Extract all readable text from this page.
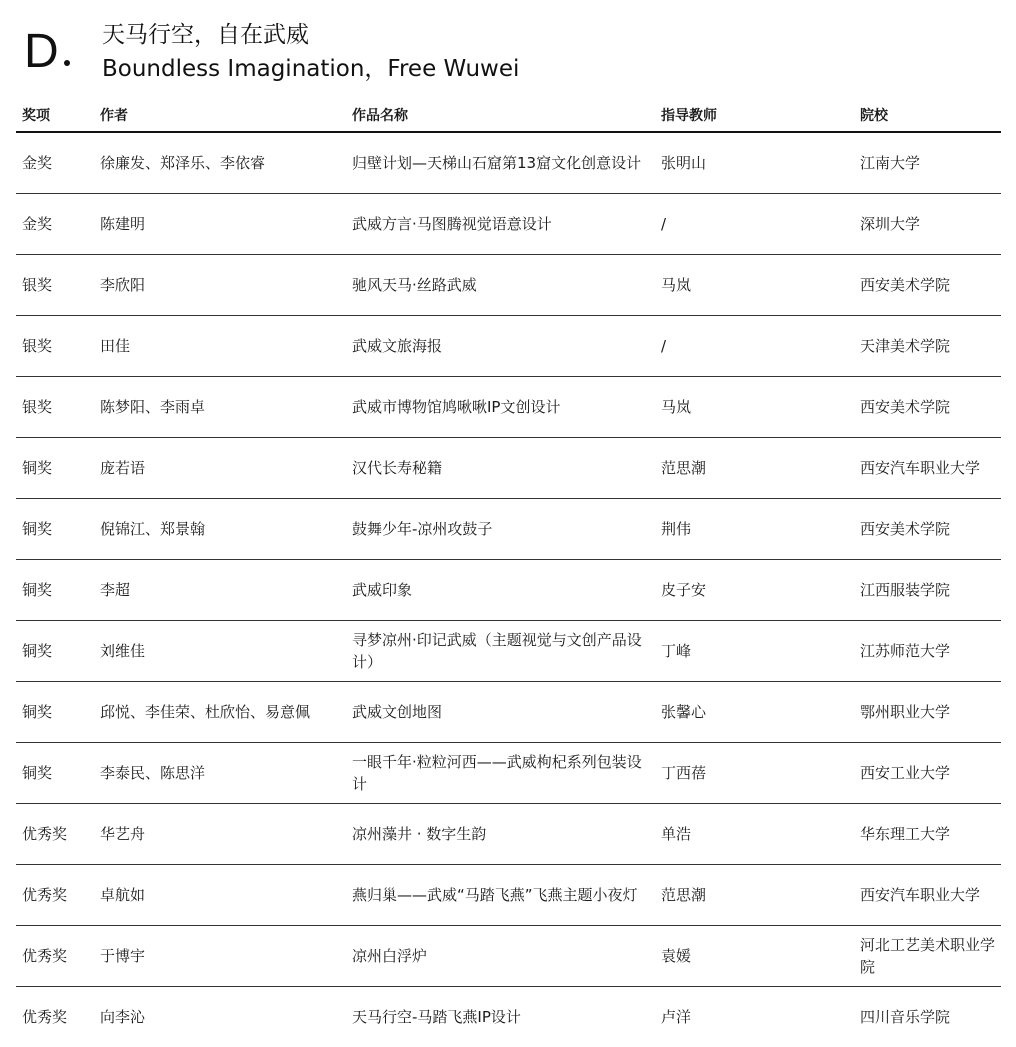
D 天马行空，自在武威
Boundless Imagination，Free Wuwei
奖项	作者	作品名称	指导教师	院校
金奖	徐廉发、郑泽乐、李依睿	归壁计划—天梯山石窟第13窟文化创意设计	张明山	江南大学
金奖	陈建明	武威方言·马图腾视觉语意设计	/	深圳大学
银奖	李欣阳	驰风天马·丝路武威	马岚	西安美术学院
银奖	田佳	武威文旅海报	/	天津美术学院
银奖	陈梦阳、李雨卓	武威市博物馆鸠啾啾IP文创设计	马岚	西安美术学院
铜奖	庞若语	汉代长寿秘籍	范思潮	西安汽车职业大学
铜奖	倪锦江、郑景翰	鼓舞少年-凉州攻鼓子	荆伟	西安美术学院
铜奖	李超	武威印象	皮子安	江西服装学院
铜奖	刘维佳	寻梦凉州·印记武威（主题视觉与文创产品设计）	丁峰	江苏师范大学
铜奖	邱悦、李佳荣、杜欣怡、易意佩	武威文创地图	张馨心	鄂州职业大学
铜奖	李泰民、陈思洋	一眼千年·粒粒河西——武威枸杞系列包装设计	丁西蓓	西安工业大学
优秀奖	华艺舟	凉州藻井 · 数字生韵	单浩	华东理工大学
优秀奖	卓航如	燕归巢——武威“马踏飞燕”飞燕主题小夜灯	范思潮	西安汽车职业大学
优秀奖	于博宇	凉州白浮炉	袁媛	河北工艺美术职业学院
优秀奖	向李沁	天马行空-马踏飞燕IP设计	卢洋	四川音乐学院
